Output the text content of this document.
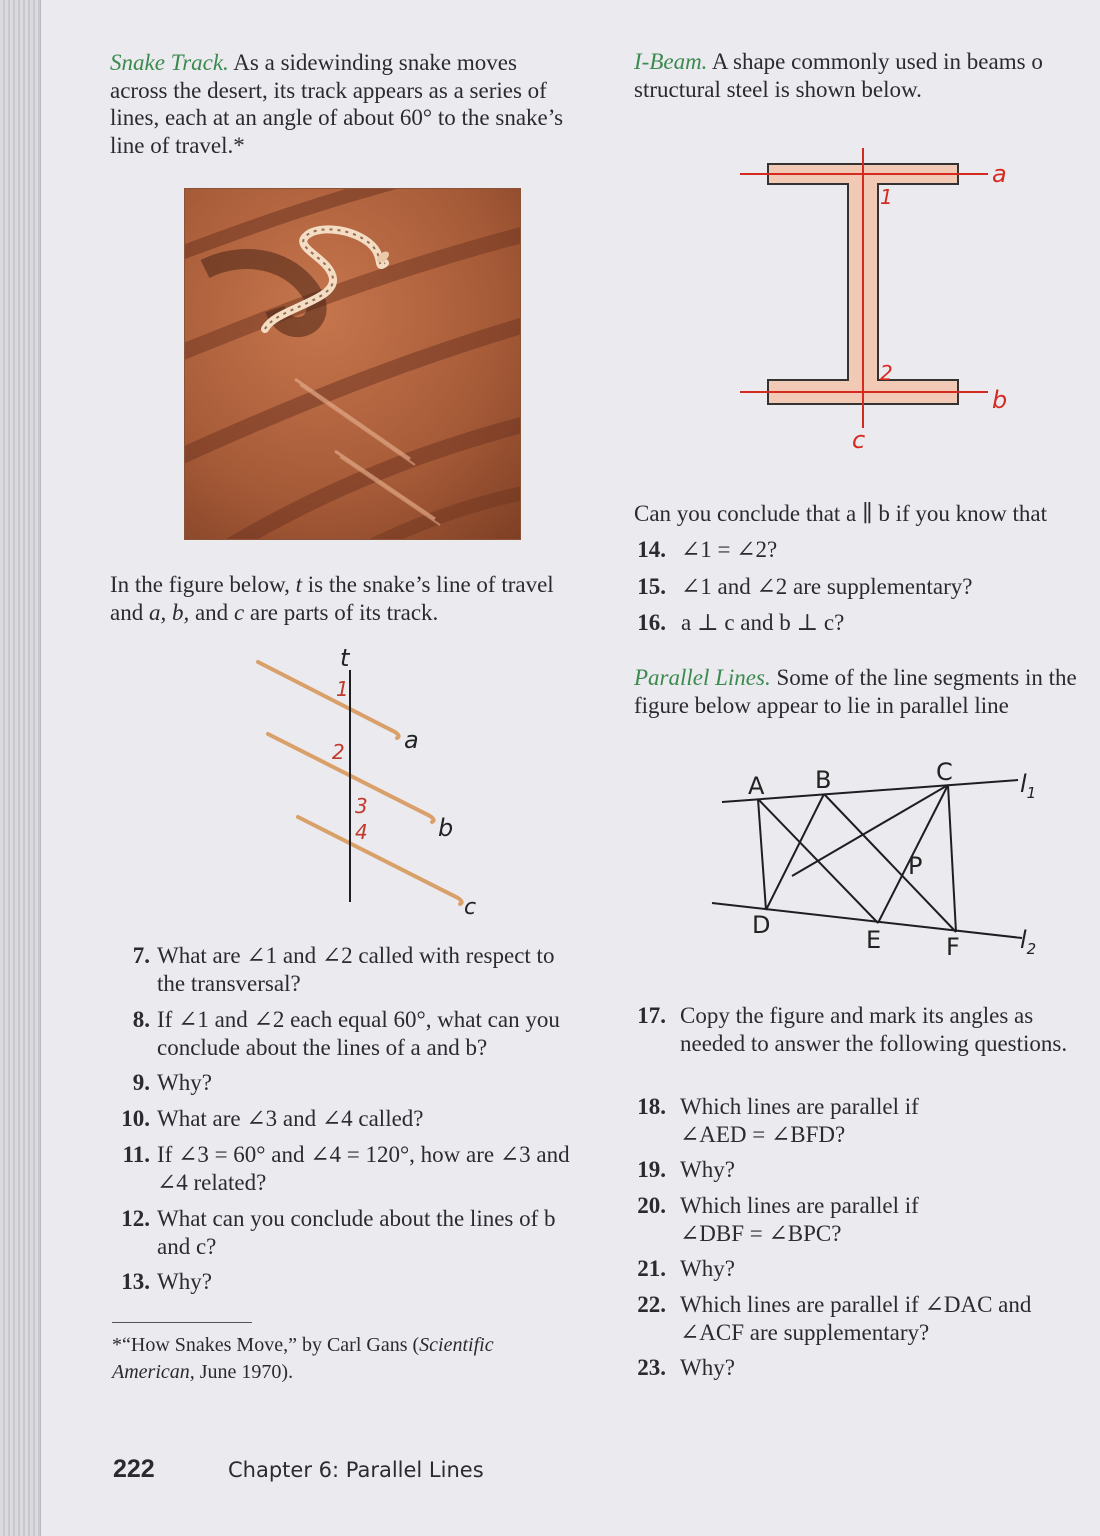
Snake Track. As a sidewinding snake moves across the desert, its track appears as a series of lines, each at an angle of about 60° to the snake’s line of travel.*

In the figure below, t is the snake’s line of travel and a, b, and c are parts of its track.

t
1
2
3
4
a
b
c
7. What are ∠1 and ∠2 called with respect to the transversal?
8. If ∠1 and ∠2 each equal 60°, what can you conclude about the lines of a and b?
9. Why?
10. What are ∠3 and ∠4 called?
11. If ∠3 = 60° and ∠4 = 120°, how are ∠3 and ∠4 related?
12. What can you conclude about the lines of b and c?
13. Why?

*“How Snakes Move,” by Carl Gans (Scientific American, June 1970).

I-Beam. A shape commonly used in beams o structural steel is shown below.

a
b
c
1
2

Can you conclude that a ∥ b if you know that

14. ∠1 = ∠2?
15. ∠1 and ∠2 are supplementary?
16. a ⊥ c and b ⊥ c?

Parallel Lines. Some of the line segments in the figure below appear to lie in parallel line

A B	C
D
E	F
P
$l_1$
$l_2$
17. Copy the figure and mark its angles as needed to answer the following questions.
18. Which lines are parallel if ∠AED = ∠BFD?
19. Why?
20. Which lines are parallel if ∠DBF = ∠BPC?
21. Why?
22. Which lines are parallel if ∠DAC and ∠ACF are supplementary?
23. Why?
222	Chapter 6: Parallel Lines
